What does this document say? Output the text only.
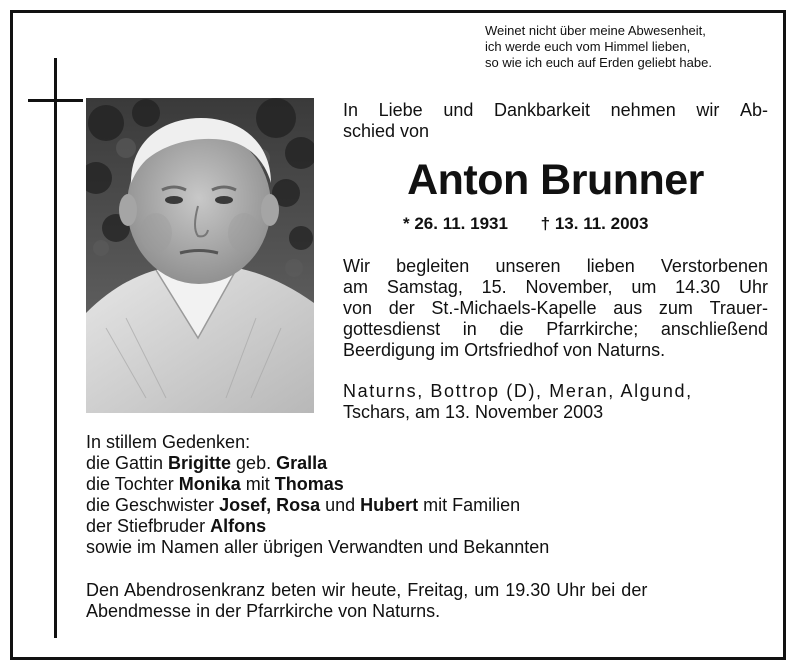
Weinet nicht über meine Abwesenheit,
ich werde euch vom Himmel lieben,
so wie ich euch auf Erden geliebt habe.
In Liebe und Dankbarkeit nehmen wir Ab-
schied von
Anton Brunner
* 26. 11. 1931 † 13. 11. 2003
Wir begleiten unseren lieben Verstorbenen
am Samstag, 15. November, um 14.30 Uhr
von der St.-Michaels-Kapelle aus zum Trauer-
gottesdienst in die Pfarrkirche; anschließend
Beerdigung im Ortsfriedhof von Naturns.
Naturns, Bottrop (D), Meran, Algund,
Tschars, am 13. November 2003
In stillem Gedenken:
die Gattin Brigitte geb. Gralla
die Tochter Monika mit Thomas
die Geschwister Josef, Rosa und Hubert mit Familien
der Stiefbruder Alfons
sowie im Namen aller übrigen Verwandten und Bekannten
Den Abendrosenkranz beten wir heute, Freitag, um 19.30 Uhr bei der
Abendmesse in der Pfarrkirche von Naturns.
